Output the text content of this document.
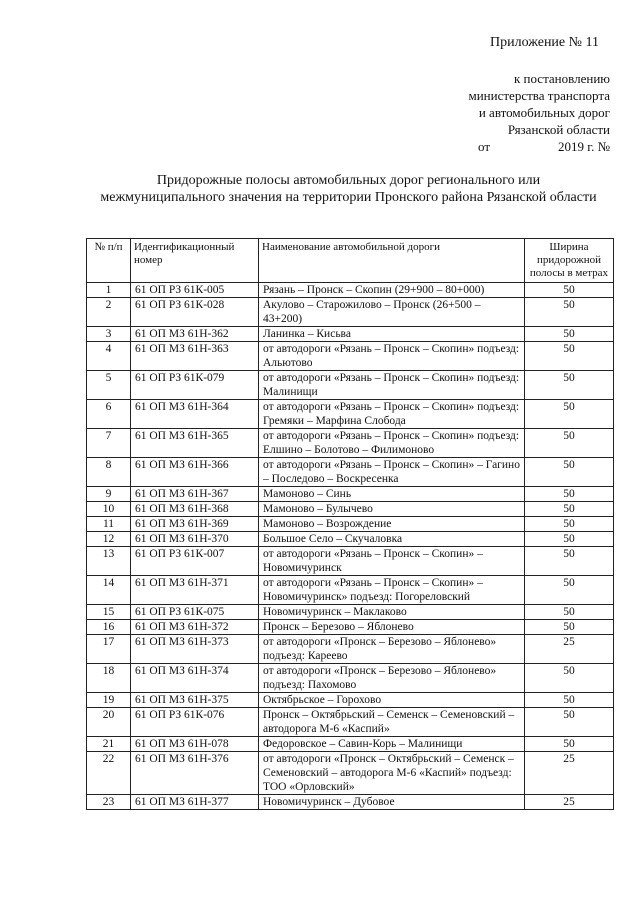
Приложение № 11
к постановлению
министерства транспорта
и автомобильных дорог
Рязанской области
от	2019 г. №
Придорожные полосы автомобильных дорог регионального или межмуниципального значения на территории Пронского района Рязанской области
№ п/п	Идентификационный номер	Наименование автомобильной дороги	Ширина придорожной полосы в метрах
1	61 ОП РЗ 61К-005	Рязань – Пронск – Скопин (29+900 – 80+000)	50
2	61 ОП РЗ 61К-028	Акулово – Старожилово – Пронск (26+500 – 43+200)	50
3	61 ОП МЗ 61Н-362	Ланинка – Кисьва	50
4	61 ОП МЗ 61Н-363	от автодороги «Рязань – Пронск – Скопин» подъезд: Альютово	50
5	61 ОП РЗ 61К-079	от автодороги «Рязань – Пронск – Скопин» подъезд: Малинищи	50
6	61 ОП МЗ 61Н-364	от автодороги «Рязань – Пронск – Скопин» подъезд: Гремяки – Марфина Слобода	50
7	61 ОП МЗ 61Н-365	от автодороги «Рязань – Пронск – Скопин» подъезд: Елшино – Болотово – Филимоново	50
8	61 ОП МЗ 61Н-366	от автодороги «Рязань – Пронск – Скопин» – Гагино – Последово – Воскресенка	50
9	61 ОП МЗ 61Н-367	Мамоново – Синь	50
10	61 ОП МЗ 61Н-368	Мамоново – Булычево	50
11	61 ОП МЗ 61Н-369	Мамоново – Возрождение	50
12	61 ОП МЗ 61Н-370	Большое Село – Скучаловка	50
13	61 ОП РЗ 61К-007	от автодороги «Рязань – Пронск – Скопин» – Новомичуринск	50
14	61 ОП МЗ 61Н-371	от автодороги «Рязань – Пронск – Скопин» – Новомичуринск» подъезд: Погореловский	50
15	61 ОП РЗ 61К-075	Новомичуринск – Маклаково	50
16	61 ОП МЗ 61Н-372	Пронск – Березово – Яблонево	50
17	61 ОП МЗ 61Н-373	от автодороги «Пронск – Березово – Яблонево» подъезд: Кареево	25
18	61 ОП МЗ 61Н-374	от автодороги «Пронск – Березово – Яблонево» подъезд: Пахомово	50
19	61 ОП МЗ 61Н-375	Октябрьское – Горохово	50
20	61 ОП РЗ 61К-076	Пронск – Октябрьский – Семенск – Семеновский – автодорога М-6 «Каспий»	50
21	61 ОП МЗ 61Н-078	Федоровское – Савин-Корь – Малинищи	50
22	61 ОП МЗ 61Н-376	от автодороги «Пронск – Октябрьский – Семенск – Семеновский – автодорога М-6 «Каспий» подъезд: ТОО «Орловский»	25
23	61 ОП МЗ 61Н-377	Новомичуринск – Дубовое	25
